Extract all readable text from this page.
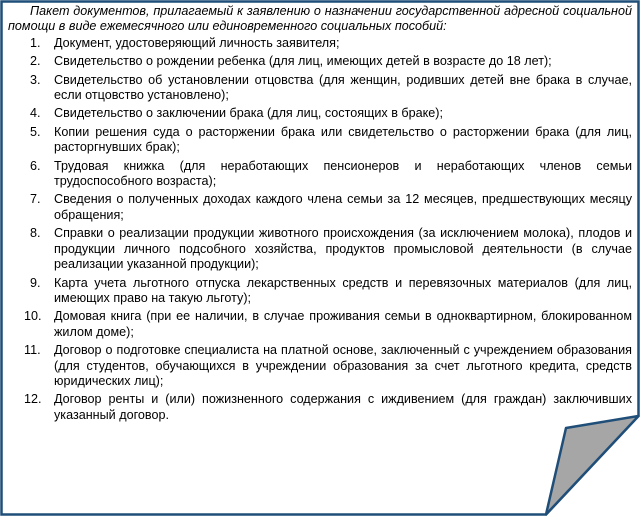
Пакет документов, прилагаемый к заявлению о назначении государственной адресной социальной помощи в виде ежемесячного или единовременного социальных пособий:

1.	Документ, удостоверяющий личность заявителя;
2.	Свидетельство о рождении ребенка (для лиц, имеющих детей в возрасте до 18 лет);
3.	Свидетельство об установлении отцовства (для женщин, родивших детей вне брака в случае, если отцовство установлено);
4.	Свидетельство о заключении брака (для лиц, состоящих в браке);
5.	Копии решения суда о расторжении брака или свидетельство о расторжении брака (для лиц, расторгнувших брак);
6.	Трудовая книжка (для неработающих пенсионеров и неработающих членов семьи трудоспособного возраста);
7.	Сведения о полученных доходах каждого члена семьи за 12 месяцев, предшествующих месяцу обращения;
8.	Справки о реализации продукции животного происхождения (за исключением молока), плодов и продукции личного подсобного хозяйства, продуктов промысловой деятельности (в случае реализации указанной продукции);
9.	Карта учета льготного отпуска лекарственных средств и перевязочных материалов (для лиц, имеющих право на такую льготу);
10. Домовая книга (при ее наличии, в случае проживания семьи в одноквартирном, блокированном жилом доме);
11.	Договор о подготовке специалиста на платной основе, заключенный с учреждением образования (для студентов, обучающихся в учреждении образования за счет льготного кредита, средств юридических лиц);
12. Договор ренты и (или) пожизненного содержания с иждивением (для граждан) заключивших указанный договор.
